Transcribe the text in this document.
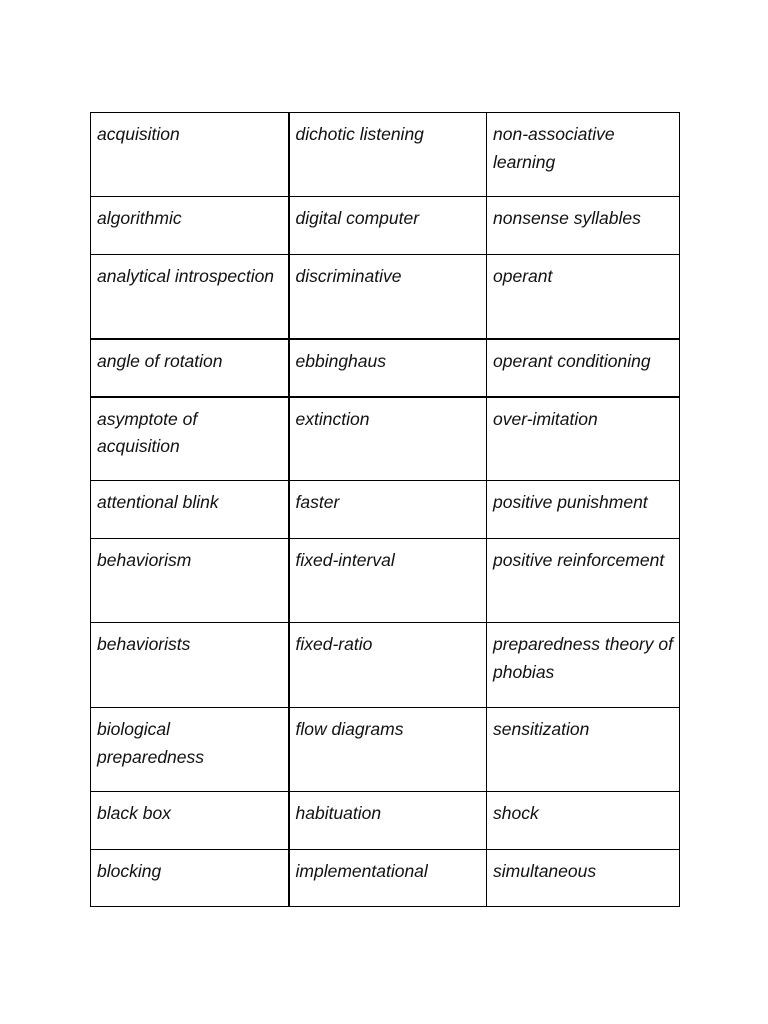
acquisition	dichotic listening	non-associative learning
algorithmic	digital computer	nonsense syllables
analytical introspection	discriminative	operant
angle of rotation	ebbinghaus	operant conditioning
asymptote of acquisition	extinction	over-imitation
attentional blink	faster	positive punishment
behaviorism	fixed-interval	positive reinforcement
behaviorists	fixed-ratio	preparedness theory of phobias
biological preparedness	flow diagrams	sensitization
black box	habituation	shock
blocking	implementational	simultaneous
